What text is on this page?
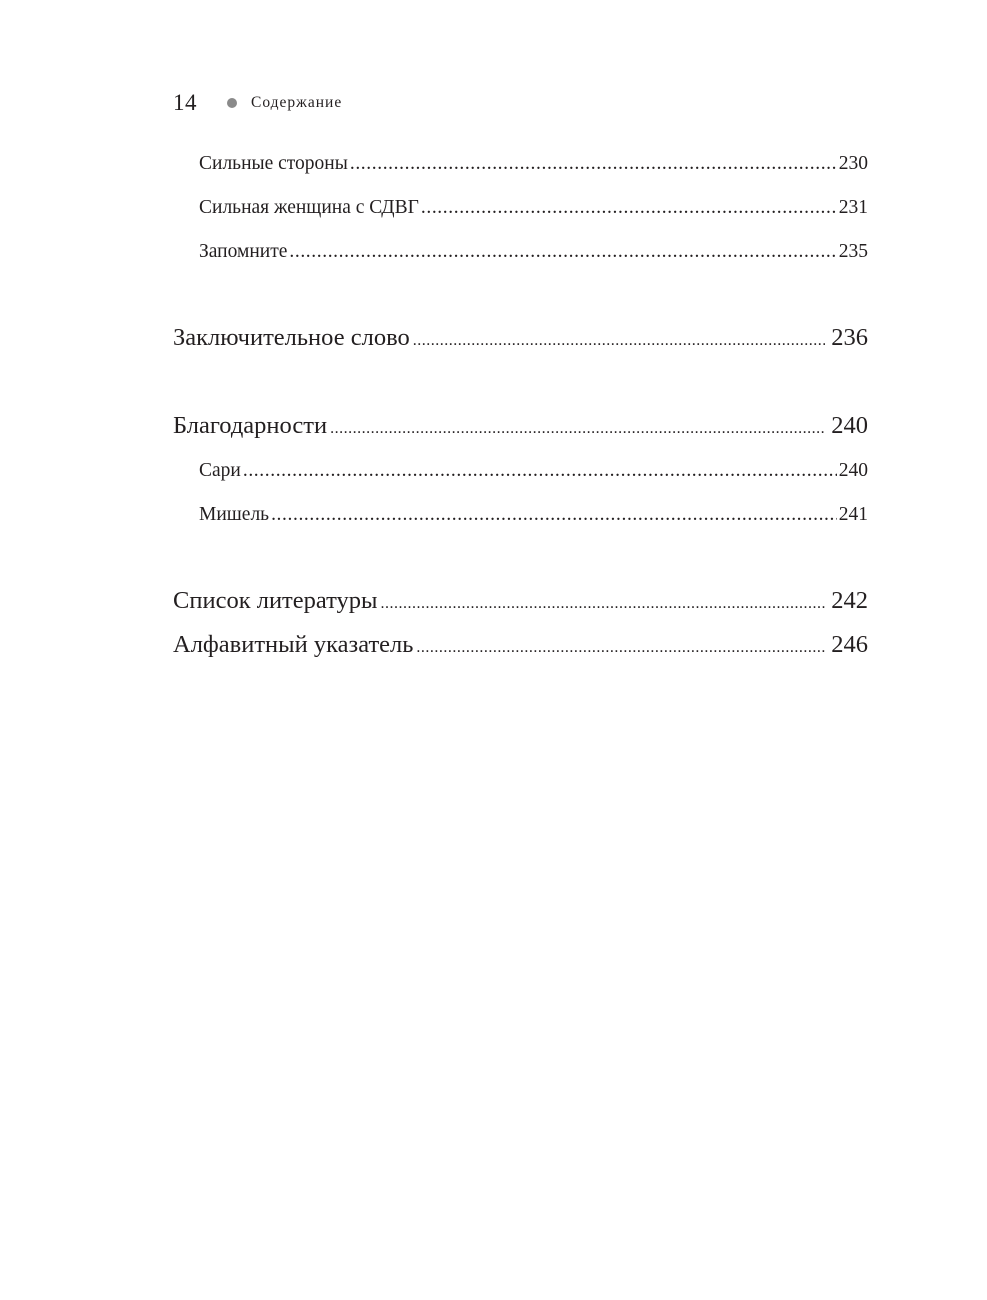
14	Содержание
Сильные стороны .....	230
Сильная женщина с СДВГ .....	231
Запомните .....	235
Заключительное слово .....	236
Благодарности .....	240
Сари .....	240
Мишель .....	241
Список литературы .....	242
Алфавитный указатель .....	246
